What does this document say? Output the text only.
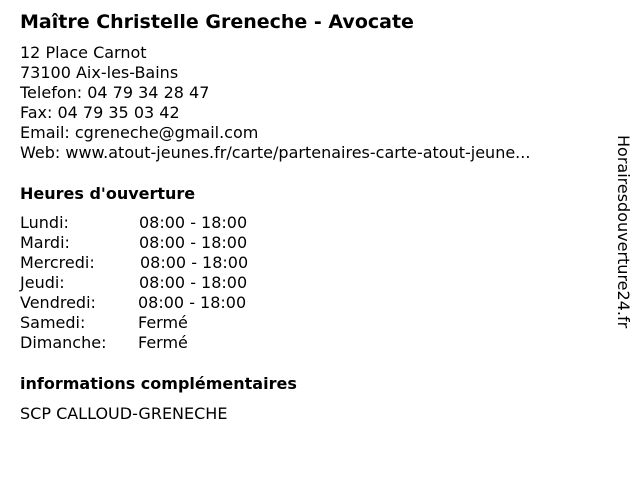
Maître Christelle Greneche - Avocate
12 Place Carnot
73100 Aix-les-Bains
Telefon: 04 79 34 28 47
Fax: 04 79 35 03 42
Email: cgreneche@gmail.com
Web: www.atout-jeunes.fr/carte/partenaires-carte-atout-jeune...
Heures d'ouverture
Lundi:	08:00 - 18:00
Mardi:	08:00 - 18:00
Mercredi:	08:00 - 18:00
Jeudi:	08:00 - 18:00
Vendredi:	08:00 - 18:00
Samedi:	Fermé
Dimanche: Fermé
informations complémentaires
SCP CALLOUD-GRENECHE
Horairesdouverture24.fr
